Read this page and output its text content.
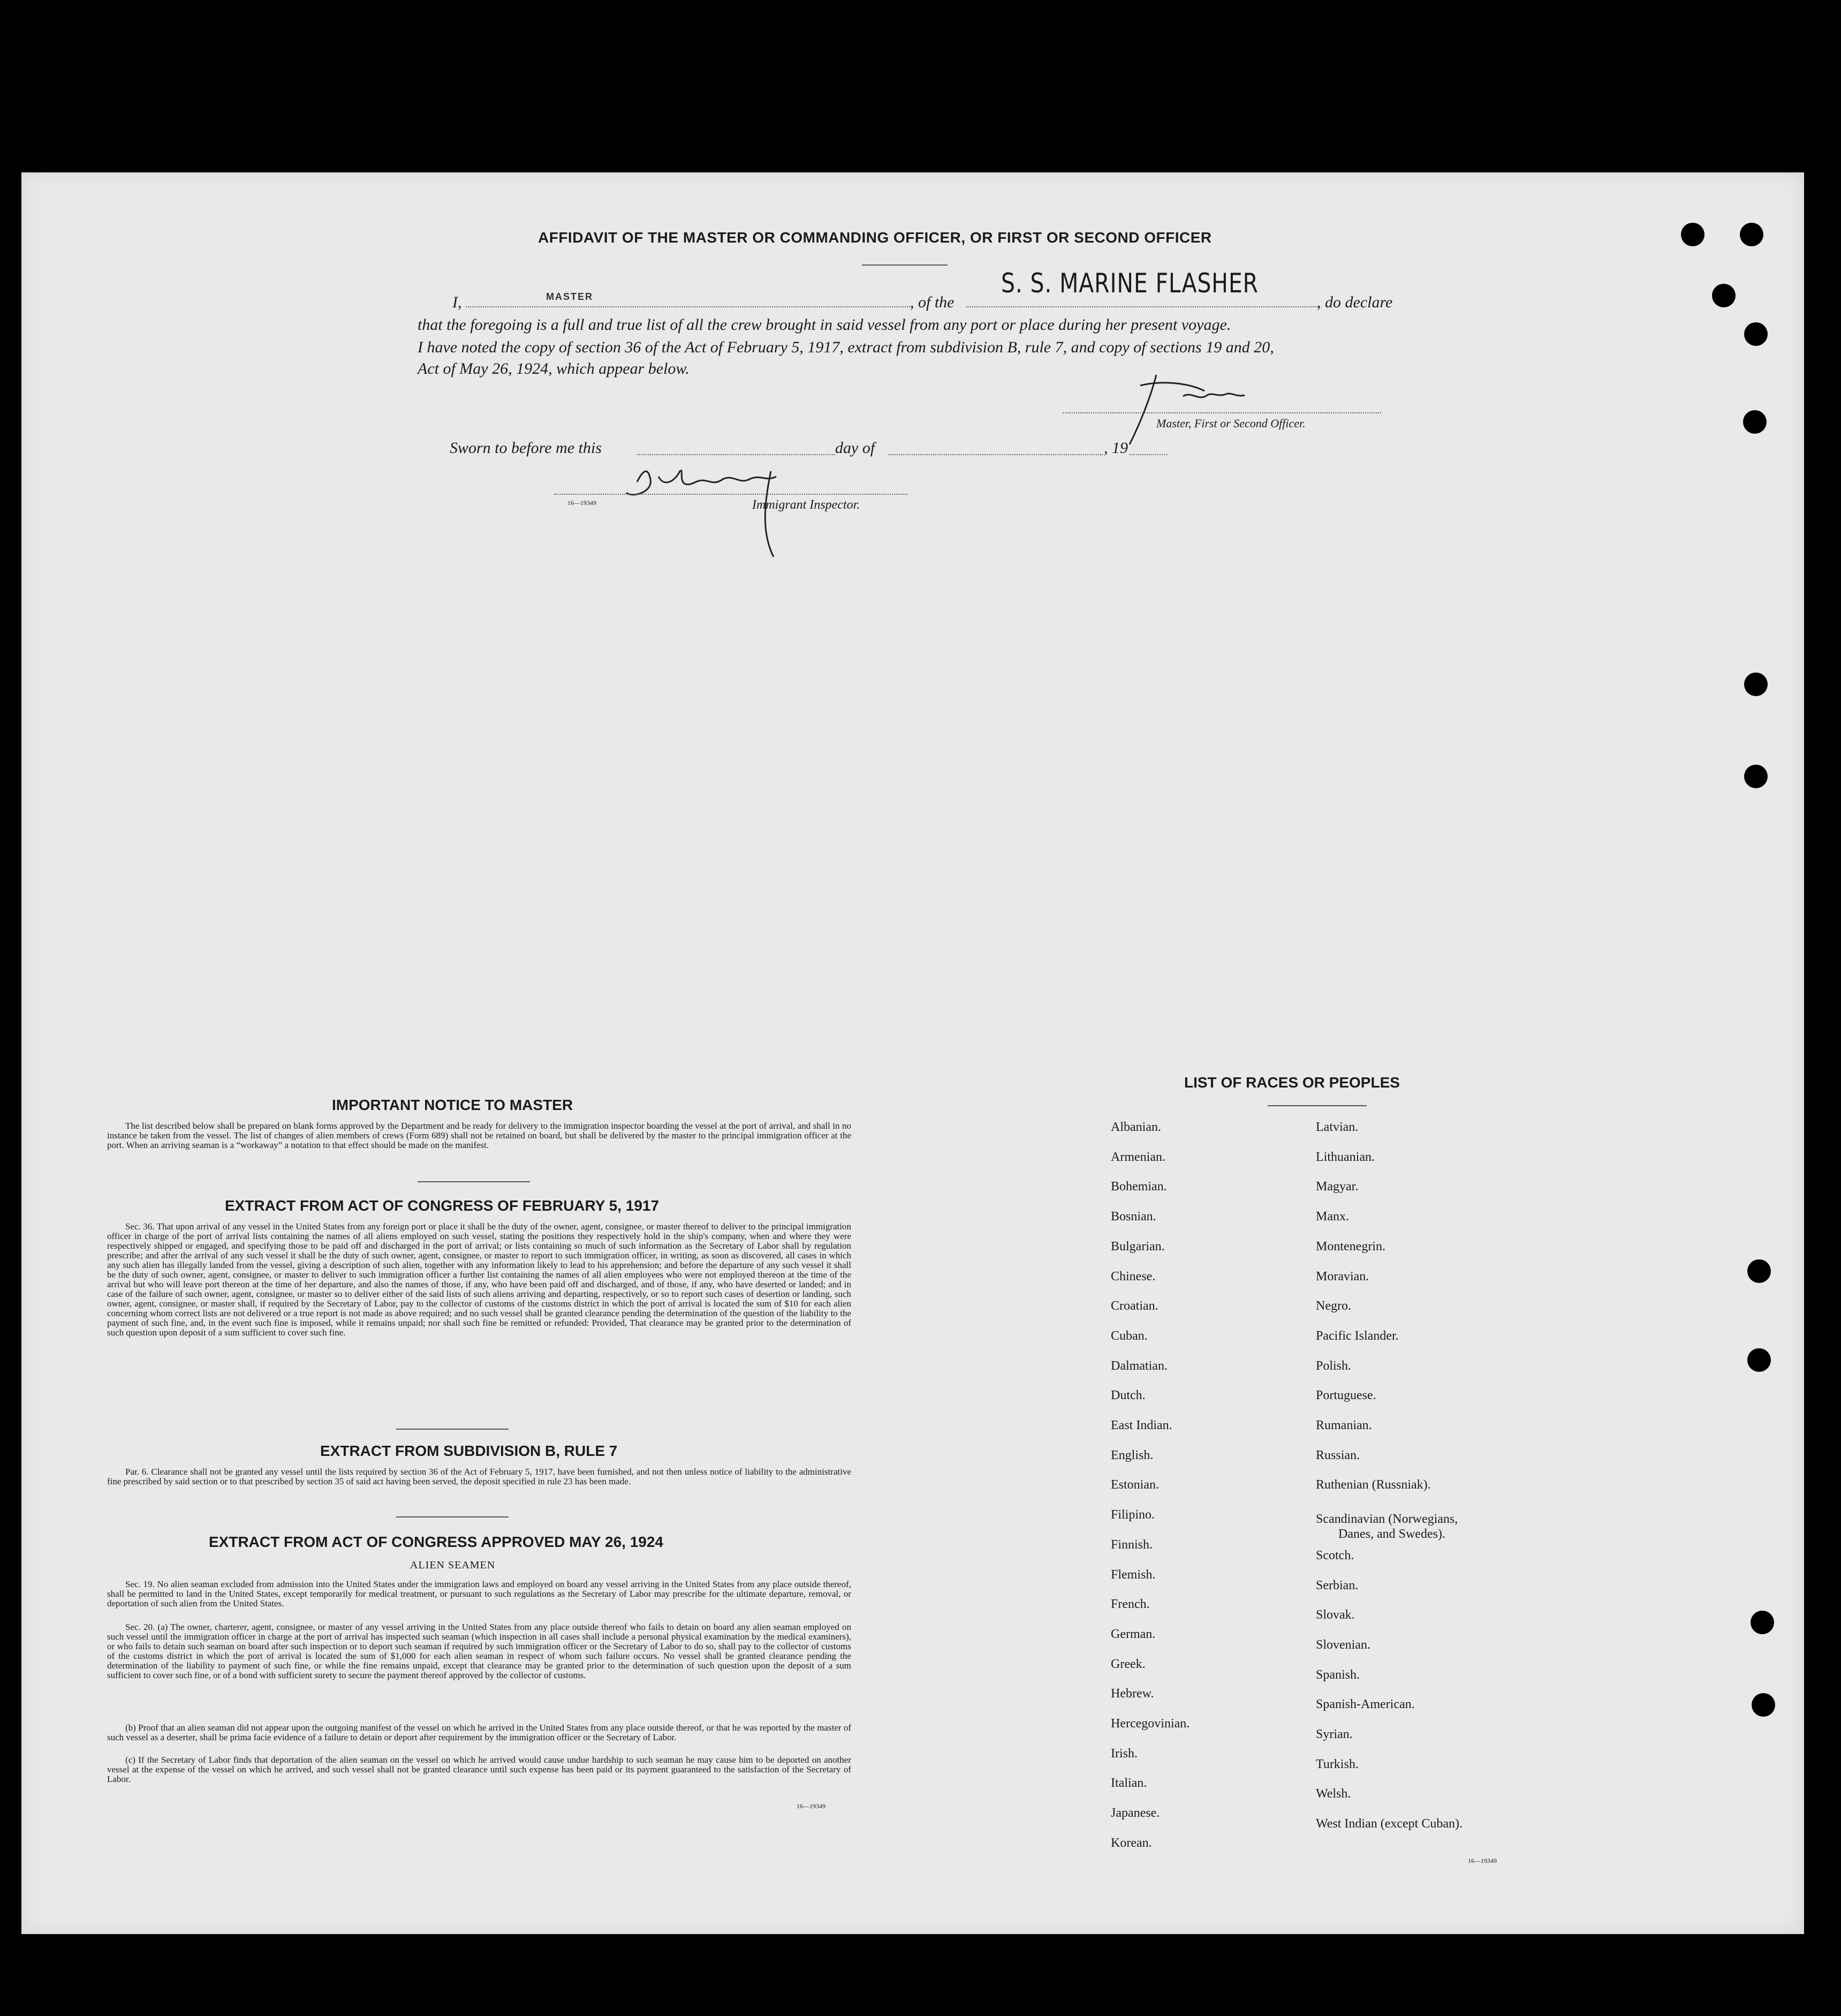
AFFIDAVIT OF THE MASTER OR COMMANDING OFFICER, OR FIRST OR SECOND OFFICER
I,	MASTER	, of the
S. S. MARINE FLASHER
, do declare
that the foregoing is a full and true list of all the crew brought in said vessel from any port or place during her present voyage.
I have noted the copy of section 36 of the Act of February 5, 1917, extract from subdivision B, rule 7, and copy of sections 19 and 20,
Act of May 26, 1924, which appear below.
Master, First or Second Officer.
Sworn to before me this	day of	, 19
16—19349	Immigrant Inspector.
IMPORTANT NOTICE TO MASTER
The list described below shall be prepared on blank forms approved by the Department and be ready for delivery to the immigration inspector boarding the vessel at the port of arrival, and shall in no instance be taken from the vessel. The list of changes of alien members of crews (Form 689) shall not be retained on board, but shall be delivered by the master to the principal immigration officer at the port. When an arriving seaman is a “workaway” a notation to that effect should be made on the manifest.
EXTRACT FROM ACT OF CONGRESS OF FEBRUARY 5, 1917
Sec. 36. That upon arrival of any vessel in the United States from any foreign port or place it shall be the duty of the owner, agent, consignee, or master thereof to deliver to the principal immigration officer in charge of the port of arrival lists containing the names of all aliens employed on such vessel, stating the positions they respectively hold in the ship's company, when and where they were respectively shipped or engaged, and specifying those to be paid off and discharged in the port of arrival; or lists containing so much of such information as the Secretary of Labor shall by regulation prescribe; and after the arrival of any such vessel it shall be the duty of such owner, agent, consignee, or master to report to such immigration officer, in writing, as soon as discovered, all cases in which any such alien has illegally landed from the vessel, giving a description of such alien, together with any information likely to lead to his apprehension; and before the departure of any such vessel it shall be the duty of such owner, agent, consignee, or master to deliver to such immigration officer a further list containing the names of all alien employees who were not employed thereon at the time of the arrival but who will leave port thereon at the time of her departure, and also the names of those, if any, who have been paid off and discharged, and of those, if any, who have deserted or landed; and in case of the failure of such owner, agent, consignee, or master so to deliver either of the said lists of such aliens arriving and departing, respectively, or so to report such cases of desertion or landing, such owner, agent, consignee, or master shall, if required by the Secretary of Labor, pay to the collector of customs of the customs district in which the port of arrival is located the sum of $10 for each alien concerning whom correct lists are not delivered or a true report is not made as above required; and no such vessel shall be granted clearance pending the determination of the question of the liability to the payment of such fine, and, in the event such fine is imposed, while it remains unpaid; nor shall such fine be remitted or refunded: Provided, That clearance may be granted prior to the determination of such question upon deposit of a sum sufficient to cover such fine.
EXTRACT FROM SUBDIVISION B, RULE 7
Par. 6. Clearance shall not be granted any vessel until the lists required by section 36 of the Act of February 5, 1917, have been furnished, and not then unless notice of liability to the administrative fine prescribed by said section or to that prescribed by section 35 of said act having been served, the deposit specified in rule 23 has been made.
EXTRACT FROM ACT OF CONGRESS APPROVED MAY 26, 1924
ALIEN SEAMEN
Sec. 19. No alien seaman excluded from admission into the United States under the immigration laws and employed on board any vessel arriving in the United States from any place outside thereof, shall be permitted to land in the United States, except temporarily for medical treatment, or pursuant to such regulations as the Secretary of Labor may prescribe for the ultimate departure, removal, or deportation of such alien from the United States.
Sec. 20. (a) The owner, charterer, agent, consignee, or master of any vessel arriving in the United States from any place outside thereof who fails to detain on board any alien seaman employed on such vessel until the immigration officer in charge at the port of arrival has inspected such seaman (which inspection in all cases shall include a personal physical examination by the medical examiners), or who fails to detain such seaman on board after such inspection or to deport such seaman if required by such immigration officer or the Secretary of Labor to do so, shall pay to the collector of customs of the customs district in which the port of arrival is located the sum of $1,000 for each alien seaman in respect of whom such failure occurs. No vessel shall be granted clearance pending the determination of the liability to payment of such fine, or while the fine remains unpaid, except that clearance may be granted prior to the determination of such question upon the deposit of a sum sufficient to cover such fine, or of a bond with sufficient surety to secure the payment thereof approved by the collector of customs.
(b) Proof that an alien seaman did not appear upon the outgoing manifest of the vessel on which he arrived in the United States from any place outside thereof, or that he was reported by the master of such vessel as a deserter, shall be prima facie evidence of a failure to detain or deport after requirement by the immigration officer or the Secretary of Labor.
(c) If the Secretary of Labor finds that deportation of the alien seaman on the vessel on which he arrived would cause undue hardship to such seaman he may cause him to be deported on another vessel at the expense of the vessel on which he arrived, and such vessel shall not be granted clearance until such expense has been paid or its payment guaranteed to the satisfaction of the Secretary of Labor.
16—19349
LIST OF RACES OR PEOPLES
Albanian.
Armenian.
Bohemian.
Bosnian.
Bulgarian.
Chinese.
Croatian.
Cuban.
Dalmatian.
Dutch.
East Indian.
English.
Estonian.
Filipino.
Finnish.
Flemish.
French.
German.
Greek.
Hebrew.
Hercegovinian.
Irish.
Italian.
Japanese.
Korean.
Latvian.
Lithuanian.
Magyar.
Manx.
Montenegrin.
Moravian.
Negro.
Pacific Islander.
Polish.
Portuguese.
Rumanian.
Russian.
Ruthenian (Russniak).
Scandinavian (Norwegians,
Danes, and Swedes).
Scotch.
Serbian.
Slovak.
Slovenian.
Spanish.
Spanish-American.
Syrian.
Turkish.
Welsh.
West Indian (except Cuban).
16—19349
